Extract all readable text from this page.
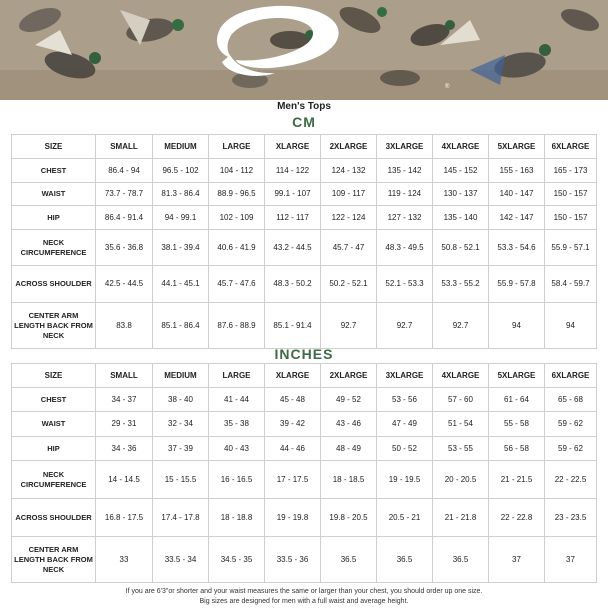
®
Men's Tops
CM
SIZE	SMALL	MEDIUM	LARGE	XLARGE	2XLARGE	3XLARGE	4XLARGE	5XLARGE	6XLARGE
CHEST	86.4 - 94	96.5 - 102	104 - 112	114 - 122	124 - 132	135 - 142	145 - 152	155 - 163	165 - 173
WAIST	73.7 - 78.7	81.3 - 86.4	88.9 - 96.5	99.1 - 107	109 - 117	119 - 124	130 - 137	140 - 147	150 - 157
HIP	86.4 - 91.4	94 - 99.1	102 - 109	112 - 117	122 - 124	127 - 132	135 - 140	142 - 147	150 - 157
NECK CIRCUMFERENCE	35.6 - 36.8	38.1 - 39.4	40.6 - 41.9	43.2 - 44.5	45.7 - 47	48.3 - 49.5	50.8 - 52.1	53.3 - 54.6	55.9 - 57.1
ACROSS SHOULDER	42.5 - 44.5	44.1 - 45.1	45.7 - 47.6	48.3 - 50.2	50.2 - 52.1	52.1 - 53.3	53.3 - 55.2	55.9 - 57.8	58.4 - 59.7
CENTER ARM LENGTH BACK FROM NECK	83.8	85.1 - 86.4	87.6 - 88.9	85.1 - 91.4	92.7	92.7	92.7	94	94
INCHES
SIZE	SMALL	MEDIUM	LARGE	XLARGE	2XLARGE	3XLARGE	4XLARGE	5XLARGE	6XLARGE
CHEST	34 - 37	38 - 40	41 - 44	45 - 48	49 - 52	53 - 56	57 - 60	61 - 64	65 - 68
WAIST	29 - 31	32 - 34	35 - 38	39 - 42	43 - 46	47 - 49	51 - 54	55 - 58	59 - 62
HIP	34 - 36	37 - 39	40 - 43	44 - 46	48 - 49	50 - 52	53 - 55	56 - 58	59 - 62
NECK CIRCUMFERENCE	14 - 14.5	15 - 15.5	16 - 16.5	17 - 17.5	18 - 18.5	19 - 19.5	20 - 20.5	21 - 21.5	22 - 22.5
ACROSS SHOULDER	16.8 - 17.5	17.4 - 17.8	18 - 18.8	19 - 19.8	19.8 - 20.5	20.5 - 21	21 - 21.8	22 - 22.8	23 - 23.5
CENTER ARM LENGTH BACK FROM NECK	33	33.5 - 34	34.5 - 35	33.5 - 36	36.5	36.5	36.5	37	37
If you are 6'3"or shorter and your waist measures the same or larger than your chest, you should order up one size.
Big sizes are designed for men with a full waist and average height.
